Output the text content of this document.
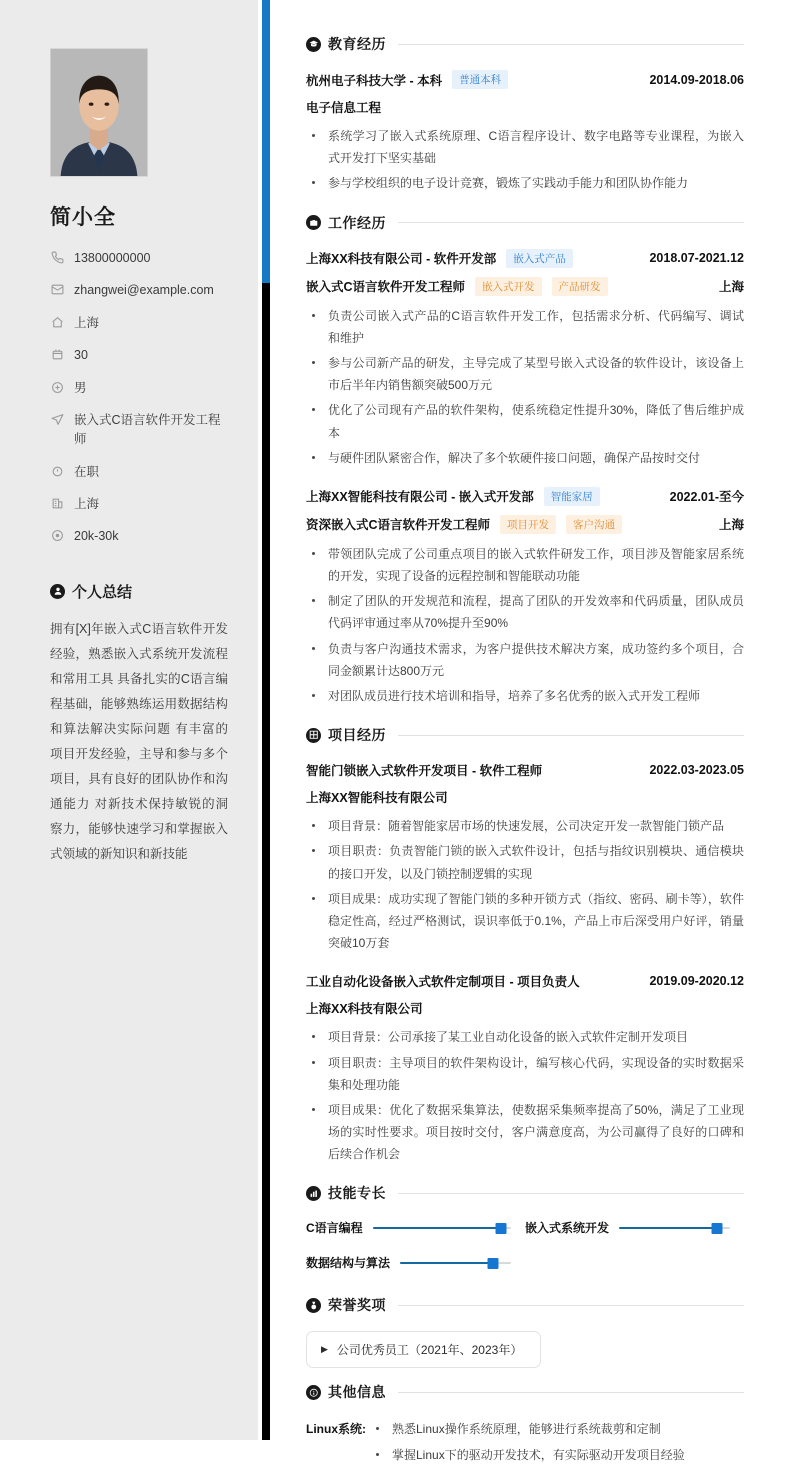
简小全
13800000000
zhangwei@example.com
上海
30
男
嵌入式C语言软件开发工程师
在职
上海
20k-30k
个人总结

拥有[X]年嵌入式C语言软件开发经验，熟悉嵌入式系统开发流程和常用工具 具备扎实的C语言编程基础，能够熟练运用数据结构和算法解决实际问题 有丰富的项目开发经验，主导和参与多个项目，具有良好的团队协作和沟通能力 对新技术保持敏锐的洞察力，能够快速学习和掌握嵌入式领域的新知识和新技能

教育经历
杭州电子科技大学 - 本科	普通本科	2014.09-2018.06
电子信息工程
系统学习了嵌入式系统原理、C语言程序设计、数字电路等专业课程，为嵌入式开发打下坚实基础
参与学校组织的电子设计竞赛，锻炼了实践动手能力和团队协作能力
工作经历
上海XX科技有限公司 - 软件开发部	嵌入式产品	2018.07-2021.12
嵌入式C语言软件开发工程师	嵌入式开发	产品研发	上海
负责公司嵌入式产品的C语言软件开发工作，包括需求分析、代码编写、调试和维护
参与公司新产品的研发，主导完成了某型号嵌入式设备的软件设计，该设备上市后半年内销售额突破500万元
优化了公司现有产品的软件架构，使系统稳定性提升30%，降低了售后维护成本
与硬件团队紧密合作，解决了多个软硬件接口问题，确保产品按时交付
上海XX智能科技有限公司 - 嵌入式开发部	智能家居	2022.01-至今
资深嵌入式C语言软件开发工程师	项目开发	客户沟通	上海
带领团队完成了公司重点项目的嵌入式软件研发工作，项目涉及智能家居系统的开发，实现了设备的远程控制和智能联动功能
制定了团队的开发规范和流程，提高了团队的开发效率和代码质量，团队成员代码评审通过率从70%提升至90%
负责与客户沟通技术需求，为客户提供技术解决方案，成功签约多个项目，合同金额累计达800万元
对团队成员进行技术培训和指导，培养了多名优秀的嵌入式开发工程师
项目经历
智能门锁嵌入式软件开发项目 - 软件工程师	2022.03-2023.05
上海XX智能科技有限公司
项目背景：随着智能家居市场的快速发展，公司决定开发一款智能门锁产品
项目职责：负责智能门锁的嵌入式软件设计，包括与指纹识别模块、通信模块的接口开发，以及门锁控制逻辑的实现
项目成果：成功实现了智能门锁的多种开锁方式（指纹、密码、刷卡等），软件稳定性高，经过严格测试，误识率低于0.1%，产品上市后深受用户好评，销量突破10万套
工业自动化设备嵌入式软件定制项目 - 项目负责人	2019.09-2020.12
上海XX科技有限公司
项目背景：公司承接了某工业自动化设备的嵌入式软件定制开发项目
项目职责：主导项目的软件架构设计，编写核心代码，实现设备的实时数据采集和处理功能
项目成果：优化了数据采集算法，使数据采集频率提高了50%，满足了工业现场的实时性要求。项目按时交付，客户满意度高，为公司赢得了良好的口碑和后续合作机会
技能专长
C语言编程	嵌入式系统开发
数据结构与算法
荣誉奖项
▶ 公司优秀员工（2021年、2023年）
其他信息
Linux系统:	熟悉Linux操作系统原理，能够进行系统裁剪和定制
掌握Linux下的驱动开发技术，有实际驱动开发项目经验
